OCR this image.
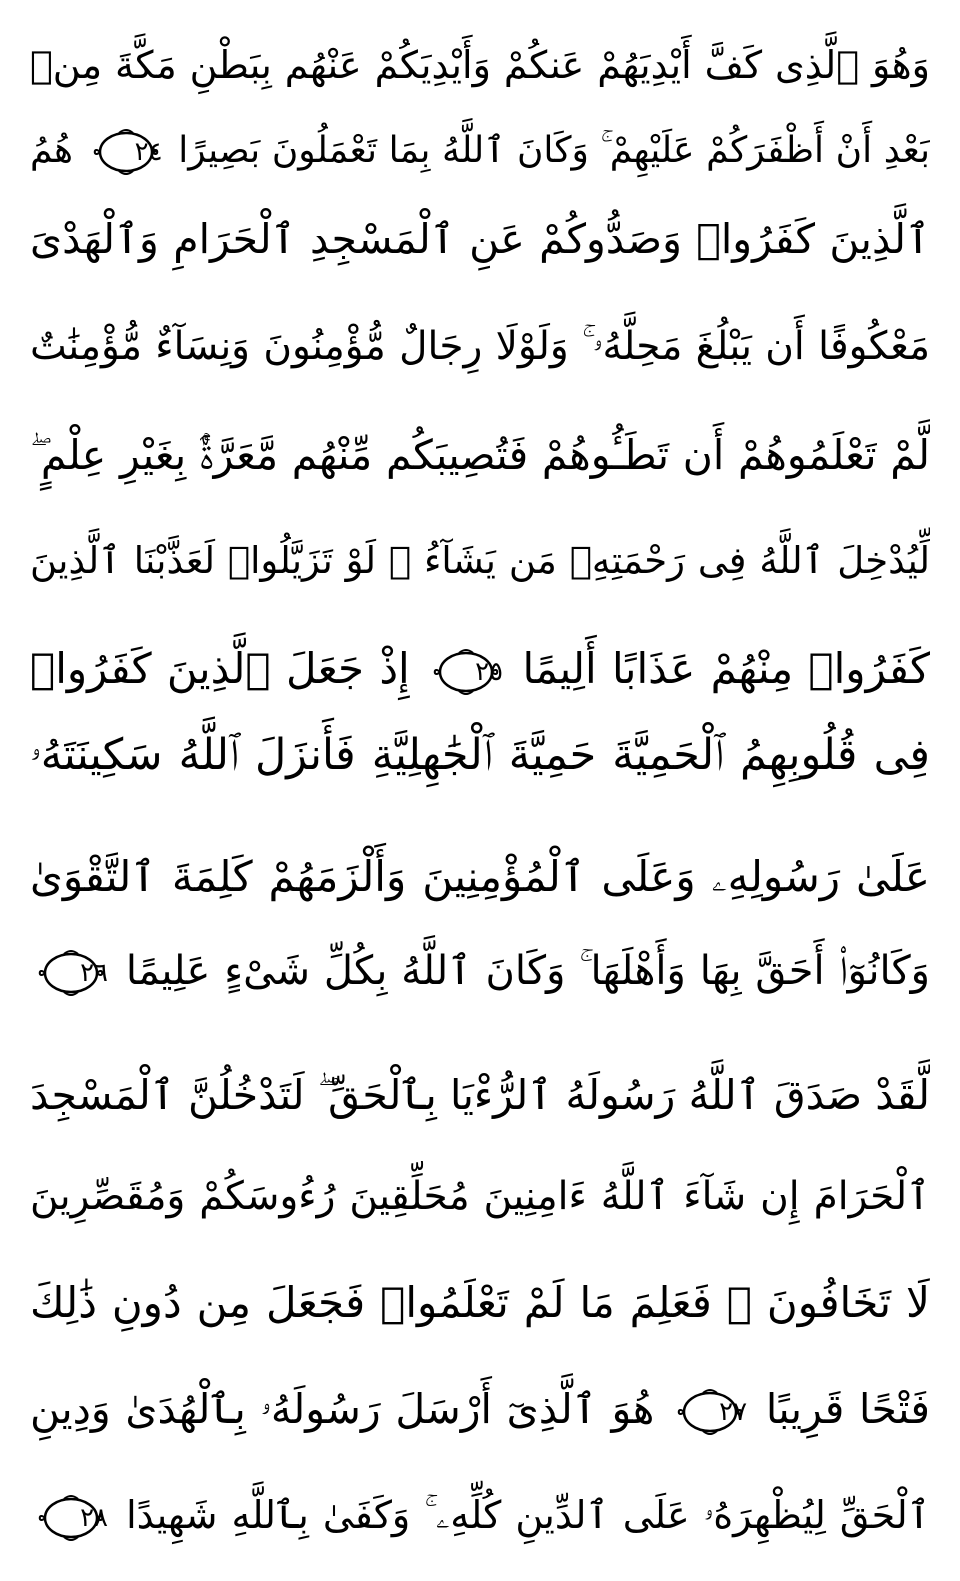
وَهُوَ ٱلَّذِى كَفَّ أَيْدِيَهُمْ عَنكُمْ وَأَيْدِيَكُمْ عَنْهُم بِبَطْنِ مَكَّةَ مِنۢ
بَعْدِ أَنْ أَظْفَرَكُمْ عَلَيْهِمْ ۚ وَكَانَ ٱللَّهُ بِمَا تَعْمَلُونَ بَصِيرًا
٢٤
هُمُ
ٱلَّذِينَ كَفَرُوا۟ وَصَدُّوكُمْ عَنِ ٱلْمَسْجِدِ ٱلْحَرَامِ وَٱلْهَدْىَ
مَعْكُوفًا أَن يَبْلُغَ مَحِلَّهُۥ ۚ وَلَوْلَا رِجَالٌ مُّؤْمِنُونَ وَنِسَآءٌ مُّؤْمِنَٰتٌ
لَّمْ تَعْلَمُوهُمْ أَن تَطَـُٔوهُمْ فَتُصِيبَكُم مِّنْهُم مَّعَرَّةٌۢ بِغَيْرِ عِلْمٍ ۖ
لِّيُدْخِلَ ٱللَّهُ فِى رَحْمَتِهِۦ مَن يَشَآءُ ۚ لَوْ تَزَيَّلُوا۟ لَعَذَّبْنَا ٱلَّذِينَ
كَفَرُوا۟ مِنْهُمْ عَذَابًا أَلِيمًا
٢٥
إِذْ جَعَلَ ٱلَّذِينَ كَفَرُوا۟
فِى قُلُوبِهِمُ ٱلْحَمِيَّةَ حَمِيَّةَ ٱلْجَٰهِلِيَّةِ فَأَنزَلَ ٱللَّهُ سَكِينَتَهُۥ
عَلَىٰ رَسُولِهِۦ وَعَلَى ٱلْمُؤْمِنِينَ وَأَلْزَمَهُمْ كَلِمَةَ ٱلتَّقْوَىٰ
وَكَانُوٓا۟ أَحَقَّ بِهَا وَأَهْلَهَا ۚ وَكَانَ ٱللَّهُ بِكُلِّ شَىْءٍ عَلِيمًا
٢٦
لَّقَدْ صَدَقَ ٱللَّهُ رَسُولَهُ ٱلرُّءْيَا بِٱلْحَقِّ ۖ لَتَدْخُلُنَّ ٱلْمَسْجِدَ
ٱلْحَرَامَ إِن شَآءَ ٱللَّهُ ءَامِنِينَ مُحَلِّقِينَ رُءُوسَكُمْ وَمُقَصِّرِينَ
لَا تَخَافُونَ ۖ فَعَلِمَ مَا لَمْ تَعْلَمُوا۟ فَجَعَلَ مِن دُونِ ذَٰلِكَ
فَتْحًا قَرِيبًا
٢٧
هُوَ ٱلَّذِىٓ أَرْسَلَ رَسُولَهُۥ بِٱلْهُدَىٰ وَدِينِ
ٱلْحَقِّ لِيُظْهِرَهُۥ عَلَى ٱلدِّينِ كُلِّهِۦ ۚ وَكَفَىٰ بِٱللَّهِ شَهِيدًا
٢٨
